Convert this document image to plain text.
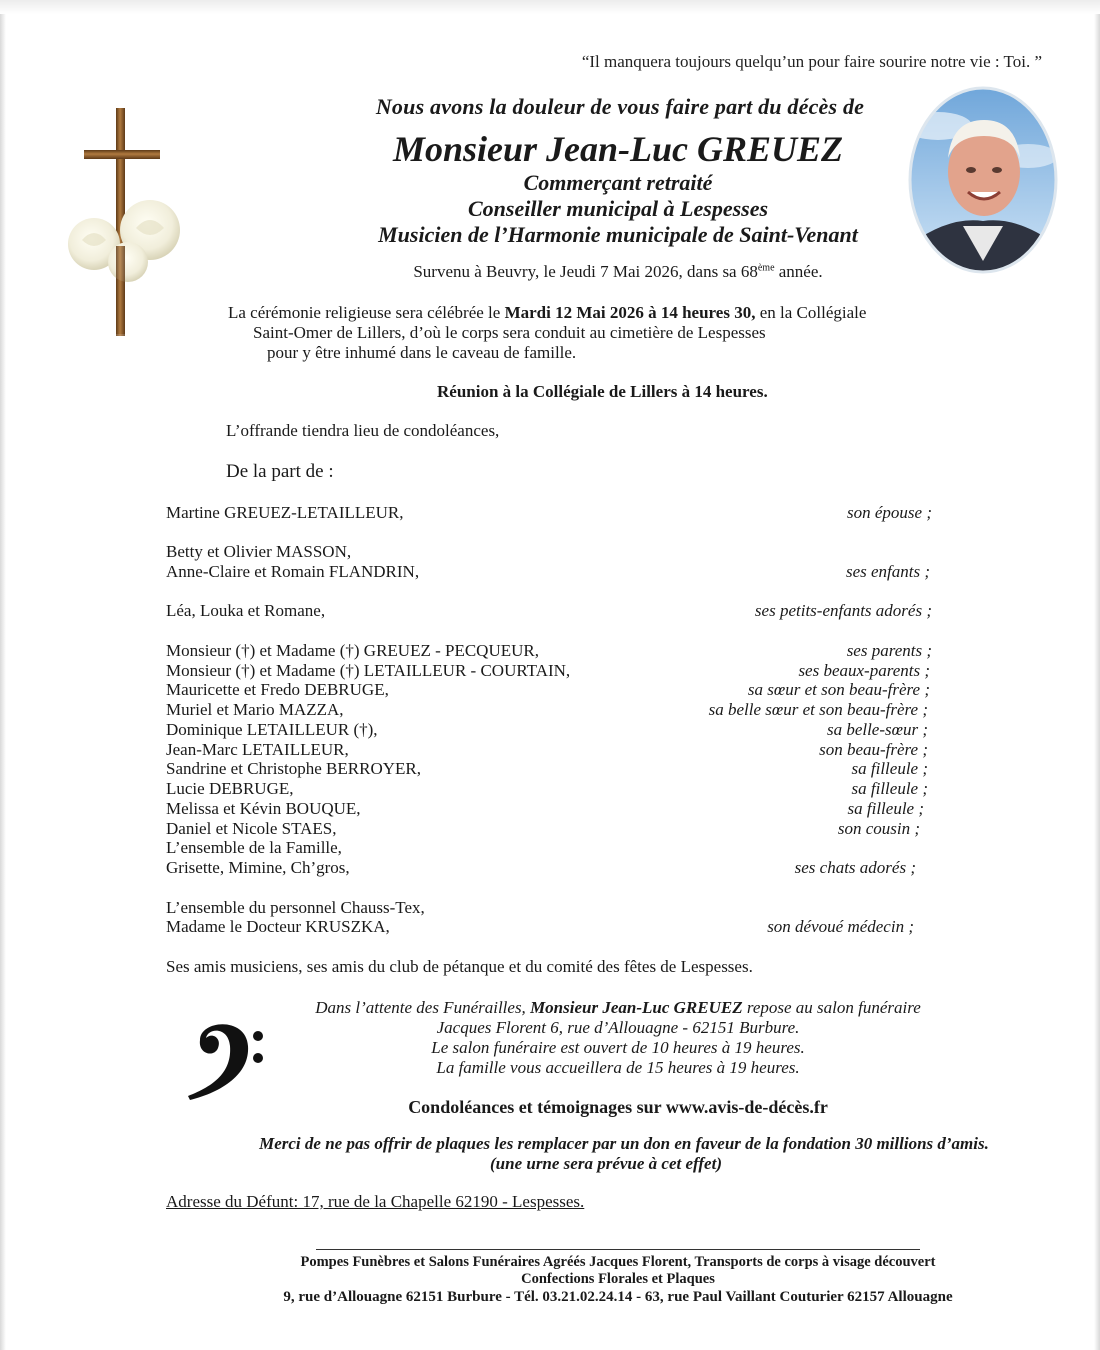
“Il manquera toujours quelqu’un pour faire sourire notre vie : Toi. ”
Nous avons la douleur de vous faire part du décès de
Monsieur Jean-Luc GREUEZ
Commerçant retraité
Conseiller municipal à Lespesses
Musicien de l’Harmonie municipale de Saint-Venant
Survenu à Beuvry, le Jeudi 7 Mai 2026, dans sa 68ème année.
La cérémonie religieuse sera célébrée le Mardi 12 Mai 2026 à 14 heures 30, en la Collégiale
Saint-Omer de Lillers, d’où le corps sera conduit au cimetière de Lespesses
pour y être inhumé dans le caveau de famille.
Réunion à la Collégiale de Lillers à 14 heures.
L’offrande tiendra lieu de condoléances,
De la part de :
Martine GREUEZ-LETAILLEUR,
Betty et Olivier MASSON,
Anne-Claire et Romain FLANDRIN,
Léa, Louka et Romane,
Monsieur (†) et Madame (†) GREUEZ - PECQUEUR,
Monsieur (†) et Madame (†) LETAILLEUR - COURTAIN,
Mauricette et Fredo DEBRUGE,
Muriel et Mario MAZZA,
Dominique LETAILLEUR (†),
Jean-Marc LETAILLEUR,
Sandrine et Christophe BERROYER,
Lucie DEBRUGE,
Melissa et Kévin BOUQUE,
Daniel et Nicole STAES,
L’ensemble de la Famille,
Grisette, Mimine, Ch’gros,
L’ensemble du personnel Chauss-Tex,
Madame le Docteur KRUSZKA,
son épouse ;
ses enfants ;
ses petits-enfants adorés ;
ses parents ;
ses beaux-parents ;
sa sœur et son beau-frère ;
sa belle sœur et son beau-frère ;
sa belle-sœur ;
son beau-frère ;
sa filleule ;
sa filleule ;
sa filleule ;
son cousin ;
ses chats adorés ;
son dévoué médecin ;
Ses amis musiciens, ses amis du club de pétanque et du comité des fêtes de Lespesses.
Dans l’attente des Funérailles, Monsieur Jean-Luc GREUEZ repose au salon funéraire
Jacques Florent 6, rue d’Allouagne - 62151 Burbure.
Le salon funéraire est ouvert de 10 heures à 19 heures.
La famille vous accueillera de 15 heures à 19 heures.
Condoléances et témoignages sur www.avis-de-décès.fr
Merci de ne pas offrir de plaques les remplacer par un don en faveur de la fondation 30 millions d’amis.
(une urne sera prévue à cet effet)
Adresse du Défunt: 17, rue de la Chapelle 62190 - Lespesses.
Pompes Funèbres et Salons Funéraires Agréés Jacques Florent, Transports de corps à visage découvert
Confections Florales et Plaques
9, rue d’Allouagne 62151 Burbure - Tél. 03.21.02.24.14 - 63, rue Paul Vaillant Couturier 62157 Allouagne
